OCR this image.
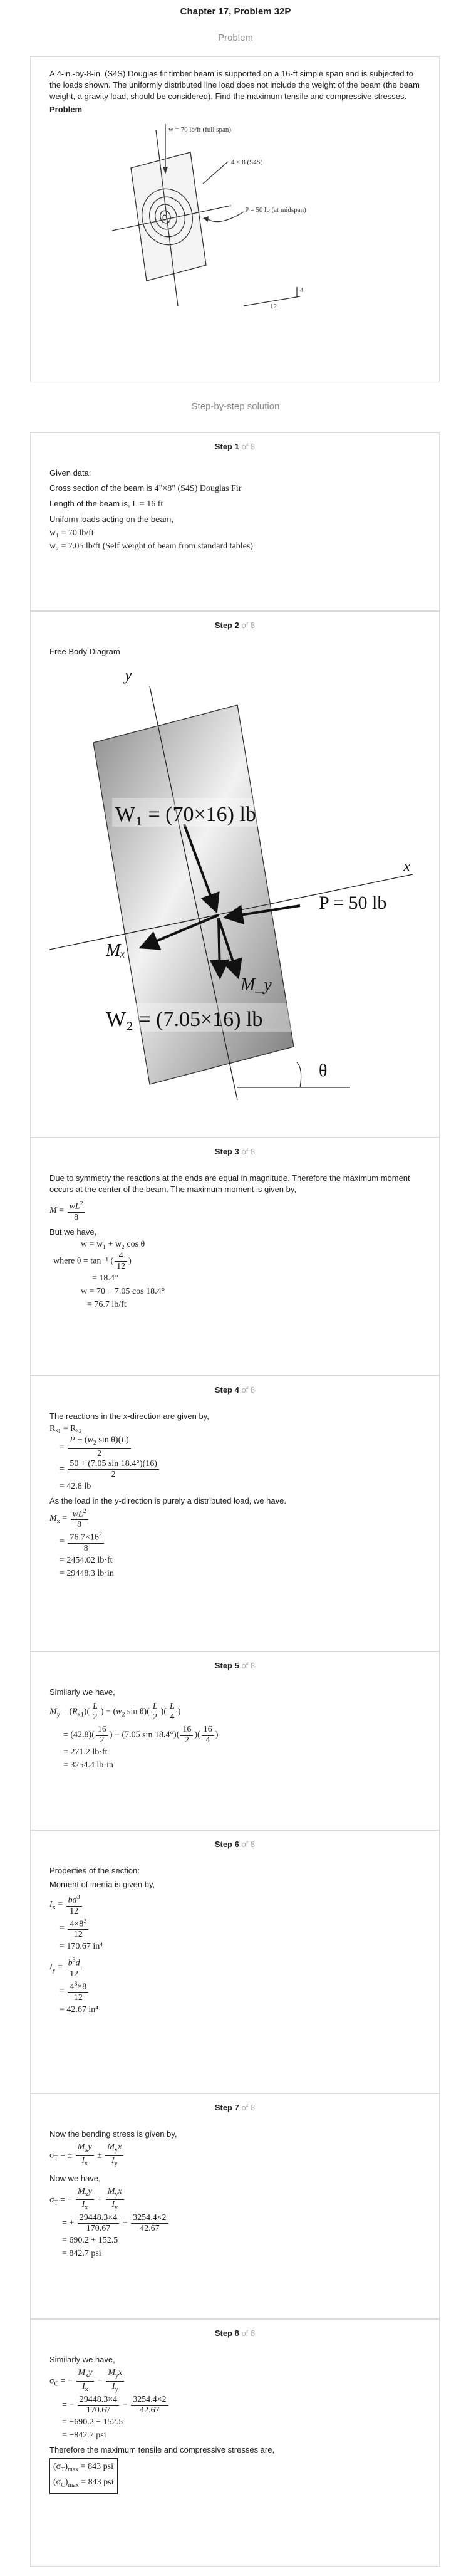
Chapter 17, Problem 32P
Problem

A 4-in.-by-8-in. (S4S) Douglas fir timber beam is supported on a 16-ft simple span and is subjected to the loads shown. The uniformly distributed line load does not include the weight of the beam (the beam weight, a gravity load, should be considered). Find the maximum tensile and compressive stresses.

Problem
w = 70 lb/ft (full span)
4 × 8 (S4S)
P = 50 lb (at midspan)
4
12
Step-by-step solution
Step 1 of 8
Given data:
Cross section of the beam is 4"×8" (S4S) Douglas Fir
Length of the beam is, L = 16 ft
Uniform loads acting on the beam,
w₁ = 70 lb/ft
w₂ = 7.05 lb/ft (Self weight of beam from standard tables)
Step 2 of 8
Free Body Diagram
y
x
W₁ = (70×16) lb
P = 50 lb
Mₓ
M_y
W₂ = (7.05×16) lb
θ
Step 3 of 8
Due to symmetry the reactions at the ends are equal in magnitude. Therefore the maximum moment occurs at the center of the beam. The maximum moment is given by,
$M = \frac{wL^2}{8}$
But we have,
w = w₁ + w₂ cos θ
where θ = tan⁻¹ ( $\frac{4}{12}$ )
= 18.4°
w = 70 + 7.05 cos 18.4°
= 76.7 lb/ft
Step 4 of 8
The reactions in the x-direction are given by,
Rₓ₁ = Rₓ₂
= $\frac{P + (w_2 \sin \theta)(L)}{2}$
= $\frac{50 + (7.05 \sin 18.4^\circ)(16)}{2}$
= 42.8 lb
As the load in the y-direction is purely a distributed load, we have.
$M_x = \frac{wL^2}{8}$
= $\frac{76.7\times 16^2}{8}$
= 2454.02 lb·ft
= 29448.3 lb·in
Step 5 of 8
Similarly we have,
$M_y = (R_{x1})( \frac{L}{2}$ ) − ($w_2$ $\sin \theta)( \frac{L}{2}$ )( $\frac{L}{4}$ )
= $(42.8)( \frac{16}{2}$ ) − (7.05 $\sin 18.4^\circ)( \frac{16}{2}$ )( $\frac{16}{4}$ )
= 271.2 lb·ft
= 3254.4 lb·in
Step 6 of 8
Properties of the section:
Moment of inertia is given by,
$I_x = \frac{bd^3}{12}$
= $\frac{4\times 8^3}{12}$
= 170.67 in⁴
$I_y = \frac{b^3d}{12}$
= $\frac{4^3\times 8}{12}$
= 42.67 in⁴
Step 7 of 8
Now the bending stress is given by,
$\sigma_T$ = ± $\frac{M_xy}{I_x} \pm \frac{M_yx}{I_y}$
Now we have,
$\sigma_T$ = + $\frac{M_xy}{I_x} + \frac{M_yx}{I_y}$
= + $\frac{29448.3\times 4}{170.67} + \frac{3254.4\times 2}{42.67}$
= 690.2 + 152.5
= 842.7 psi
Step 8 of 8
Similarly we have,
$\sigma_C$ = − $\frac{M_xy}{I_x} - \frac{M_yx}{I_y}$
= − $\frac{29448.3\times 4}{170.67} - \frac{3254.4\times 2}{42.67}$
= −690.2 − 152.5
= −842.7 psi
Therefore the maximum tensile and compressive stresses are,
$(\sigma_T)_{max} = 843$ psi
$(\sigma_C)_{max} = 843$ psi
